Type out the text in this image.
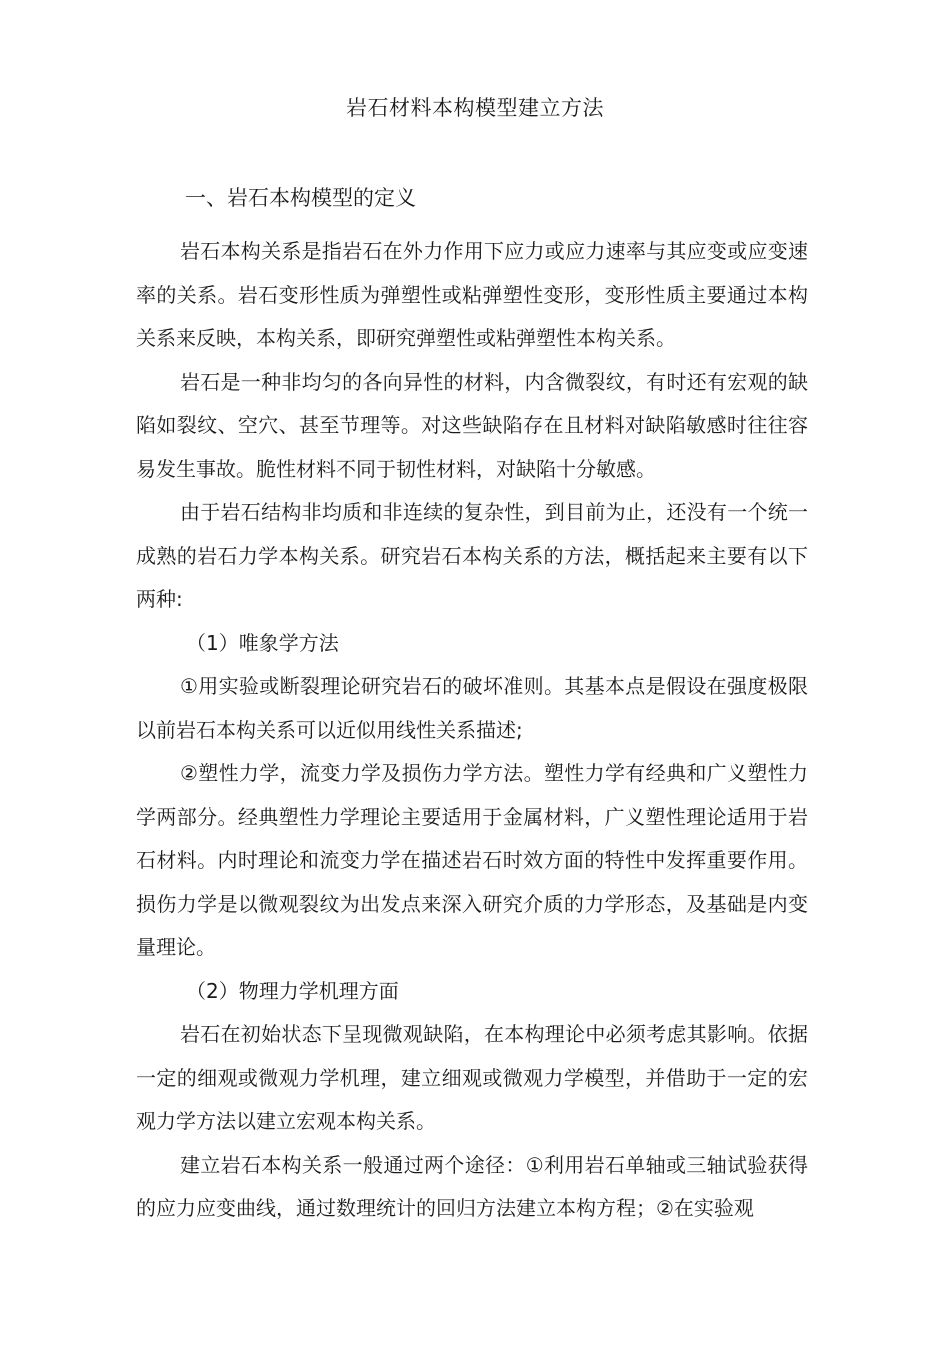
岩石材料本构模型建立方法
一、岩石本构模型的定义

岩石本构关系是指岩石在外力作用下应力或应力速率与其应变或应变速率的关系。岩石变形性质为弹塑性或粘弹塑性变形，变形性质主要通过本构关系来反映，本构关系，即研究弹塑性或粘弹塑性本构关系。

岩石是一种非均匀的各向异性的材料，内含微裂纹，有时还有宏观的缺陷如裂纹、空穴、甚至节理等。对这些缺陷存在且材料对缺陷敏感时往往容易发生事故。脆性材料不同于韧性材料，对缺陷十分敏感。

由于岩石结构非均质和非连续的复杂性，到目前为止，还没有一个统一成熟的岩石力学本构关系。研究岩石本构关系的方法，概括起来主要有以下两种:

（1）唯象学方法

①用实验或断裂理论研究岩石的破坏准则。其基本点是假设在强度极限以前岩石本构关系可以近似用线性关系描述;

②塑性力学，流变力学及损伤力学方法。塑性力学有经典和广义塑性力学两部分。经典塑性力学理论主要适用于金属材料，广义塑性理论适用于岩石材料。内时理论和流变力学在描述岩石时效方面的特性中发挥重要作用。损伤力学是以微观裂纹为出发点来深入研究介质的力学形态，及基础是内变量理论。

（2）物理力学机理方面

岩石在初始状态下呈现微观缺陷，在本构理论中必须考虑其影响。依据一定的细观或微观力学机理，建立细观或微观力学模型，并借助于一定的宏观力学方法以建立宏观本构关系。

建立岩石本构关系一般通过两个途径：①利用岩石单轴或三轴试验获得的应力应变曲线，通过数理统计的回归方法建立本构方程；②在实验观
